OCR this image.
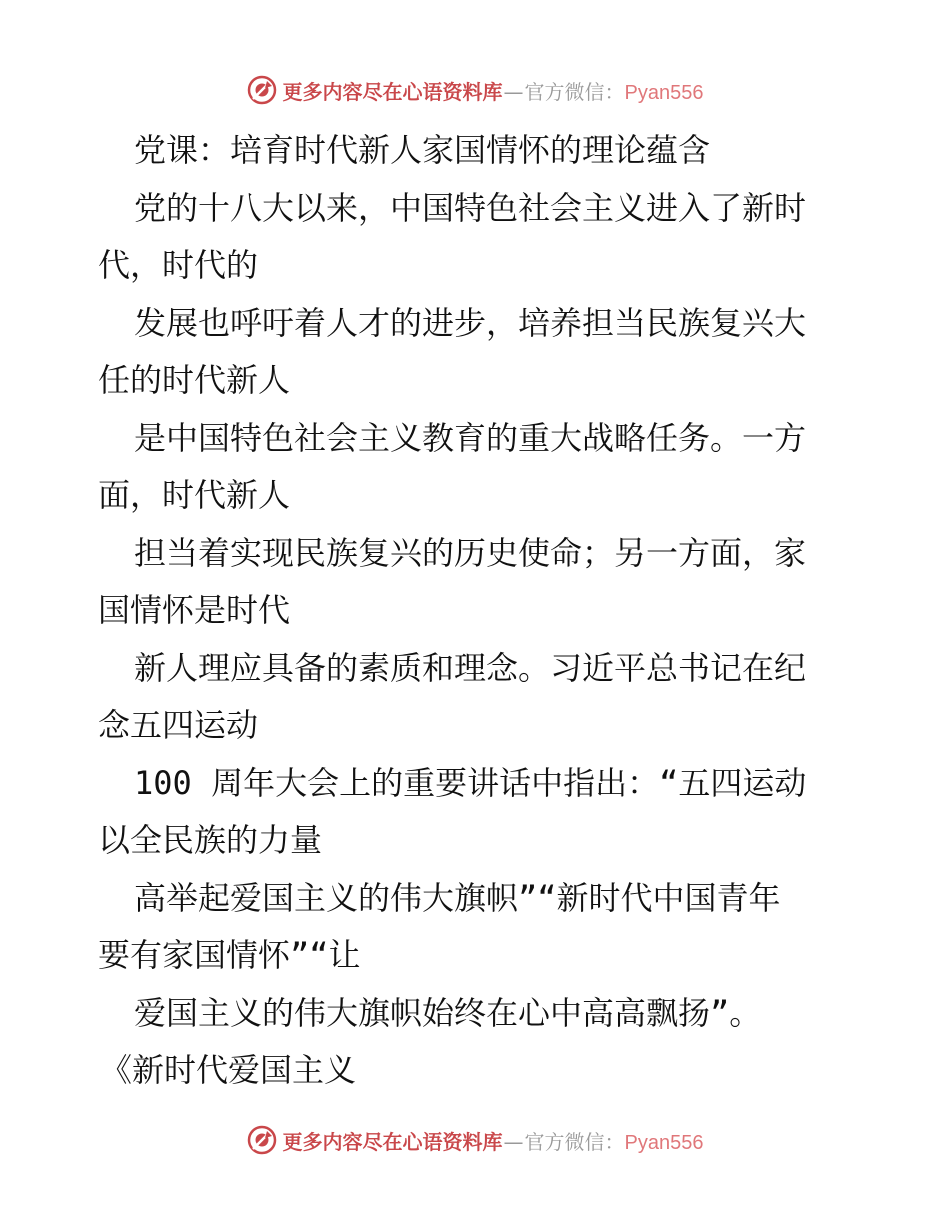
更多内容尽在心语资料库 — 官方微信： Pyan556
党课：培育时代新人家国情怀的理论蕴含
党的十八大以来，中国特色社会主义进入了新时
代，时代的
发展也呼吁着人才的进步，培养担当民族复兴大
任的时代新人
是中国特色社会主义教育的重大战略任务。一方
面，时代新人
担当着实现民族复兴的历史使命；另一方面，家
国情怀是时代
新人理应具备的素质和理念。习近平总书记在纪
念五四运动
100 周年大会上的重要讲话中指出：“五四运动
以全民族的力量
高举起爱国主义的伟大旗帜”“新时代中国青年
要有家国情怀”“让
爱国主义的伟大旗帜始终在心中高高飘扬”。
《新时代爱国主义
更多内容尽在心语资料库 — 官方微信： Pyan556
